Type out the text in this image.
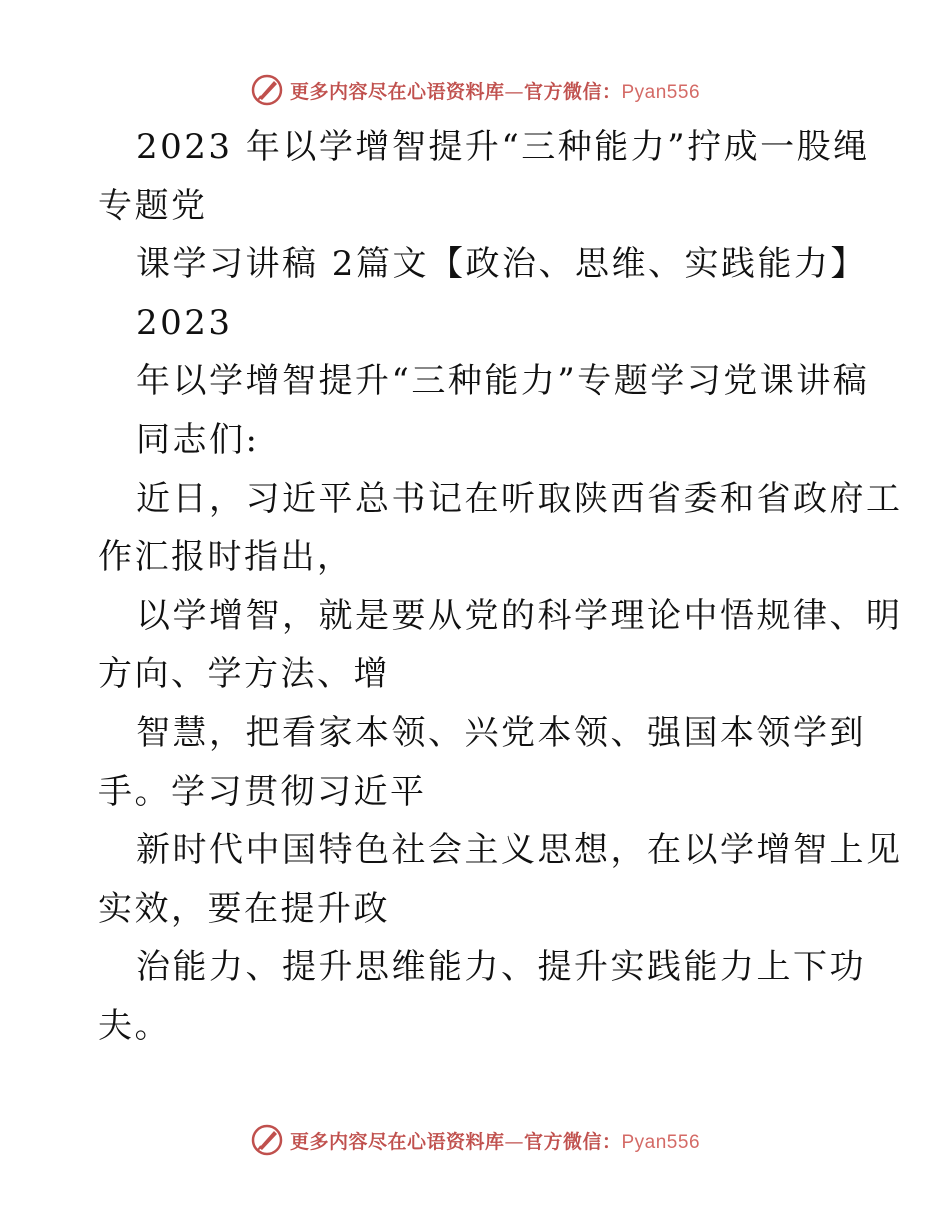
更多内容尽在心语资料库—官方微信：Pyan556
2023 年以学增智提升“三种能力”拧成一股绳
专题党
课学习讲稿 2篇文【政治、思维、实践能力】
2023
年以学增智提升“三种能力”专题学习党课讲稿
同志们:
近日，习近平总书记在听取陕西省委和省政府工
作汇报时指出，
以学增智，就是要从党的科学理论中悟规律、明
方向、学方法、增
智慧，把看家本领、兴党本领、强国本领学到
手。学习贯彻习近平
新时代中国特色社会主义思想，在以学增智上见
实效，要在提升政
治能力、提升思维能力、提升实践能力上下功
夫。
更多内容尽在心语资料库—官方微信：Pyan556
